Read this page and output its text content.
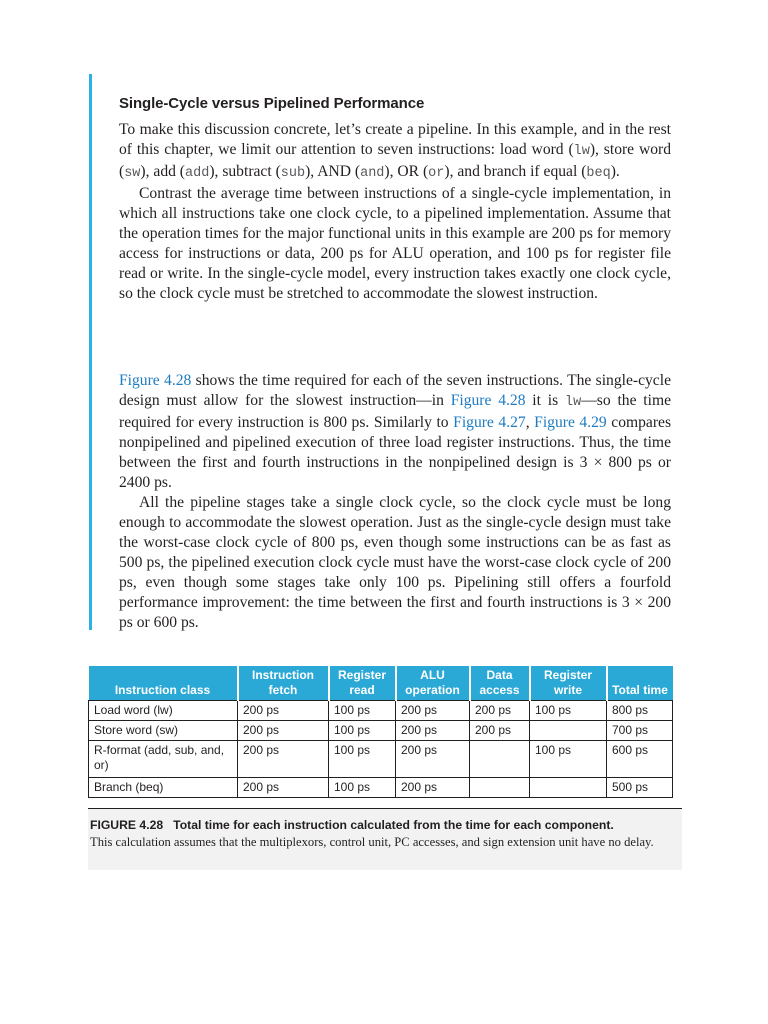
Single-Cycle versus Pipelined Performance

To make this discussion concrete, let’s create a pipeline. In this example, and in the rest of this chapter, we limit our attention to seven instructions: load word (lw), store word (sw), add (add), subtract (sub), AND (and), OR (or), and branch if equal (beq).

Contrast the average time between instructions of a single-cycle implementation, in which all instructions take one clock cycle, to a pipelined implementation. Assume that the operation times for the major functional units in this example are 200 ps for memory access for instructions or data, 200 ps for ALU operation, and 100 ps for register file read or write. In the single-cycle model, every instruction takes exactly one clock cycle, so the clock cycle must be stretched to accommodate the slowest instruction.

Figure 4.28 shows the time required for each of the seven instructions. The single-cycle design must allow for the slowest instruction—in Figure 4.28 it is lw—so the time required for every instruction is 800 ps. Similarly to Figure 4.27, Figure 4.29 compares nonpipelined and pipelined execution of three load register instructions. Thus, the time between the first and fourth instructions in the nonpipelined design is 3 × 800 ps or 2400 ps.

All the pipeline stages take a single clock cycle, so the clock cycle must be long enough to accommodate the slowest operation. Just as the single-cycle design must take the worst-case clock cycle of 800 ps, even though some instructions can be as fast as 500 ps, the pipelined execution clock cycle must have the worst-case clock cycle of 200 ps, even though some stages take only 100 ps. Pipelining still offers a fourfold performance improvement: the time between the first and fourth instructions is 3 × 200 ps or 600 ps.

Instruction class	Instruction fetch	Register read	ALU operation	Data access	Register write	Total time
Load word (lw)	200 ps	100 ps	200 ps	200 ps	100 ps	800 ps
Store word (sw)	200 ps	100 ps	200 ps	200 ps		700 ps
R-format (add, sub, and, or)	200 ps	100 ps	200 ps		100 ps	600 ps
Branch (beq)	200 ps	100 ps	200 ps			500 ps
FIGURE 4.28 Total time for each instruction calculated from the time for each component.
This calculation assumes that the multiplexors, control unit, PC accesses, and sign extension unit have no delay.
